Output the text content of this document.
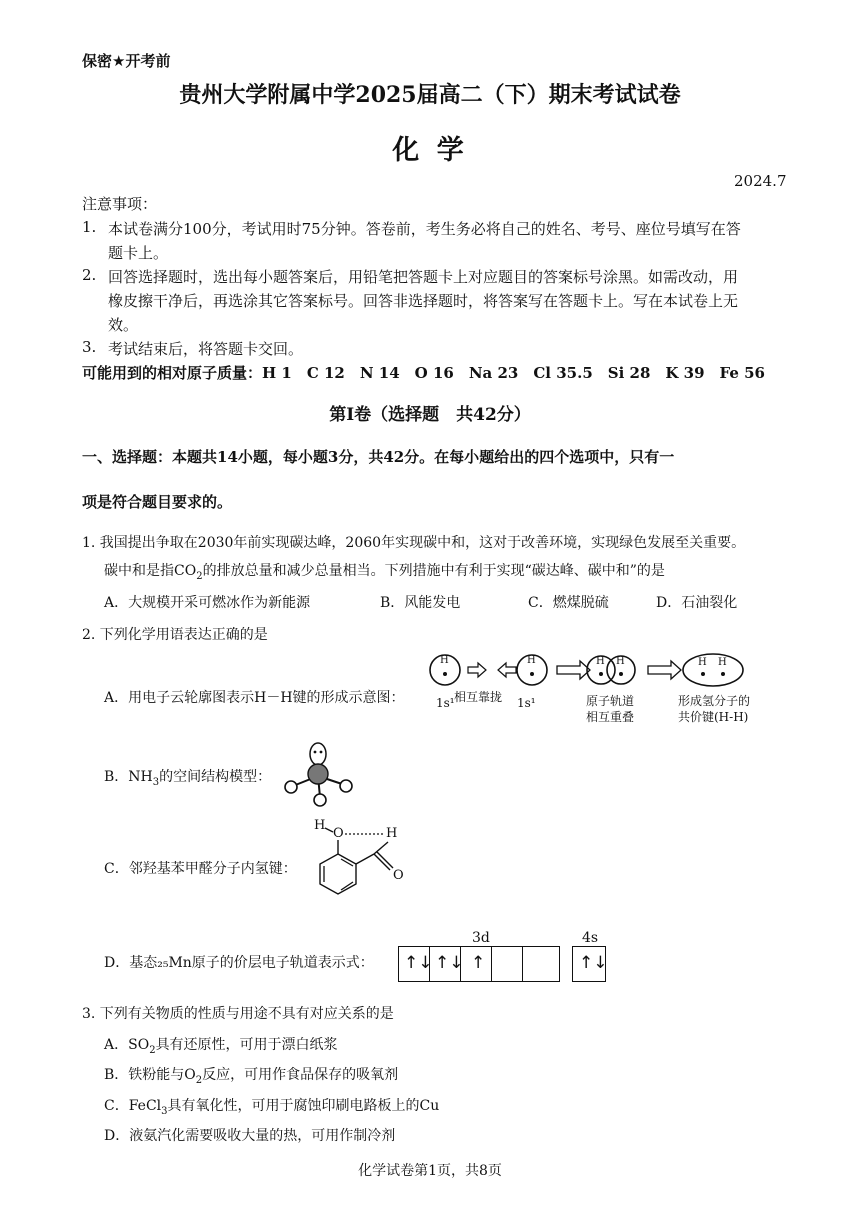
保密★开考前
贵州大学附属中学2025届高二（下）期末考试试卷
化 学
2024.7
注意事项：
1. 本试卷满分100分，考试用时75分钟。答卷前，考生务必将自己的姓名、考号、座位号填写在答
题卡上。
2. 回答选择题时，选出每小题答案后，用铅笔把答题卡上对应题目的答案标号涂黑。如需改动，用
橡皮擦干净后，再选涂其它答案标号。回答非选择题时，将答案写在答题卡上。写在本试卷上无
效。
3. 考试结束后，将答题卡交回。
可能用到的相对原子质量：H 1　C 12　N 14　O 16　Na 23　Cl 35.5　Si 28　K 39　Fe 56
第Ⅰ卷（选择题　共42分）
一、选择题：本题共14小题，每小题3分，共42分。在每小题给出的四个选项中，只有一
项是符合题目要求的。
1. 我国提出争取在2030年前实现碳达峰，2060年实现碳中和，这对于改善环境，实现绿色发展至关重要。
碳中和是指$CO_2$的排放总量和减少总量相当。下列措施中有利于实现“碳达峰、碳中和”的是
A．大规模开采可燃冰作为新能源	B．风能发电	C．燃煤脱硫	D．石油裂化
2. 下列化学用语表达正确的是
A．用电子云轮廓图表示H－H键的形成示意图：
H	H	H H	H H
1s¹ 相互靠拢 1s¹	原子轨道
相互重叠
形成氢分子的
共价键(H-H)
B．$NH_3$的空间结构模型：
C．邻羟基苯甲醛分子内氢键：
H
O	H
O
D．基态₂₅Mn原子的价层电子轨道表示式：
3d	4s
↑↓ ↑↓ ↑	↑↓
3. 下列有关物质的性质与用途不具有对应关系的是
A．$SO_2$具有还原性，可用于漂白纸浆
B．铁粉能与$O_2$反应，可用作食品保存的吸氧剂
C．FeCl$_3$具有氧化性，可用于腐蚀印刷电路板上的Cu
D．液氨汽化需要吸收大量的热，可用作制冷剂
化学试卷第1页，共8页
